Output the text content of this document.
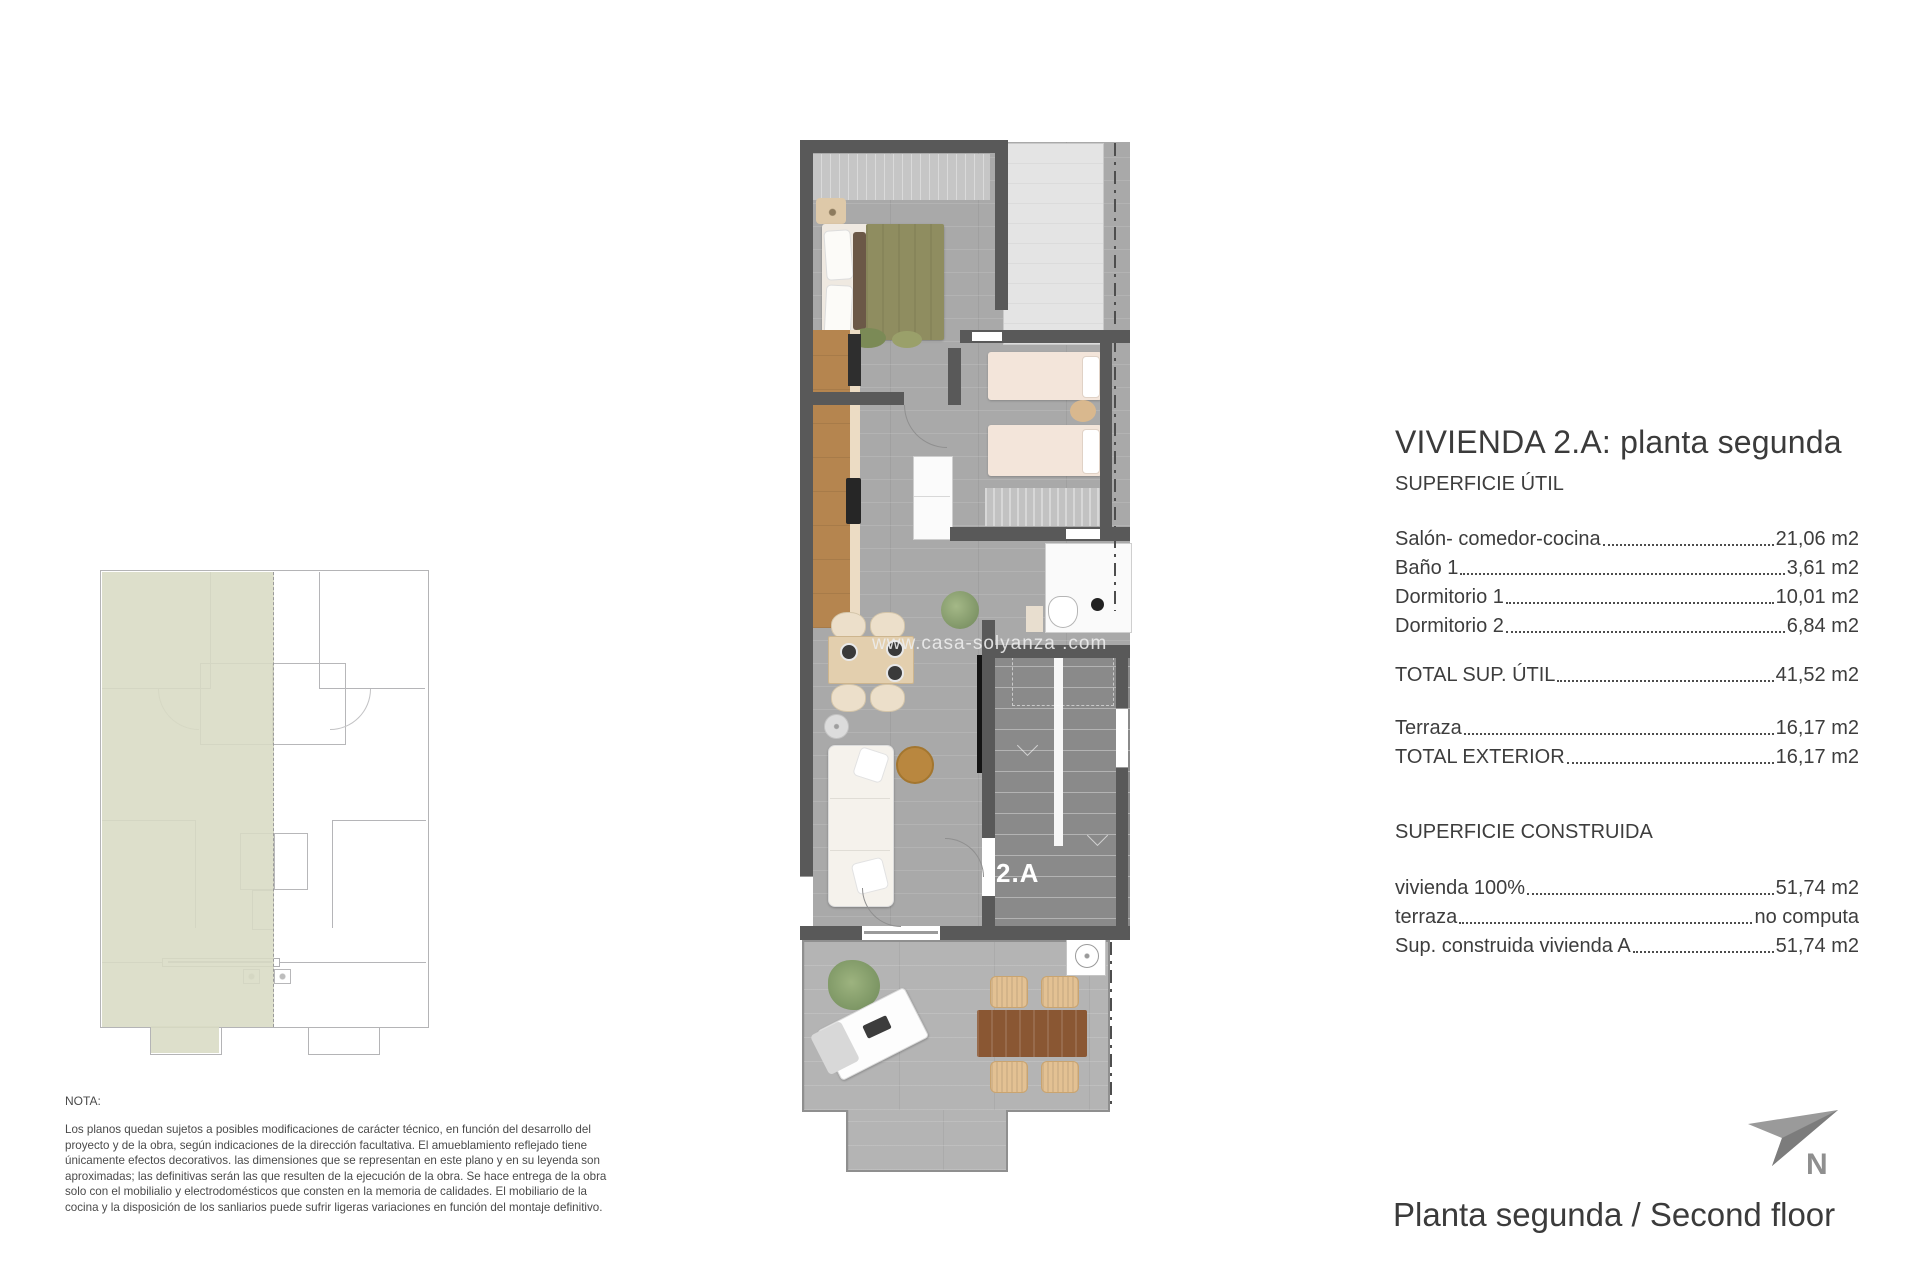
NOTA:
Los planos quedan sujetos a posibles modificaciones de carácter técnico, en función del desarrollo del proyecto y de la obra, según indicaciones de la dirección facultativa. El amueblamiento reflejado tiene únicamente efectos decorativos. las dimensiones que se representan en este plano y en su leyenda son aproximadas; las definitivas serán las que resulten de la ejecución de la obra. Se hace entrega de la obra solo con el mobilialio y electrodomésticos que consten en la memoria de calidades. El mobiliario de la cocina y la disposición de los sanliarios puede sufrir ligeras variaciones en función del montaje definitivo.
2.A
www.casa-solyanza .com
VIVIENDA 2.A: planta segunda
SUPERFICIE ÚTIL
Salón- comedor-cocina	21,06 m2
Baño 1	3,61 m2
Dormitorio 1	10,01 m2
Dormitorio 2	6,84 m2
TOTAL SUP. ÚTIL	41,52 m2
Terraza	16,17 m2
TOTAL EXTERIOR	16,17 m2
SUPERFICIE CONSTRUIDA
vivienda 100%	51,74 m2
terraza	no computa
Sup. construida vivienda A	51,74 m2
N
Planta segunda / Second floor
